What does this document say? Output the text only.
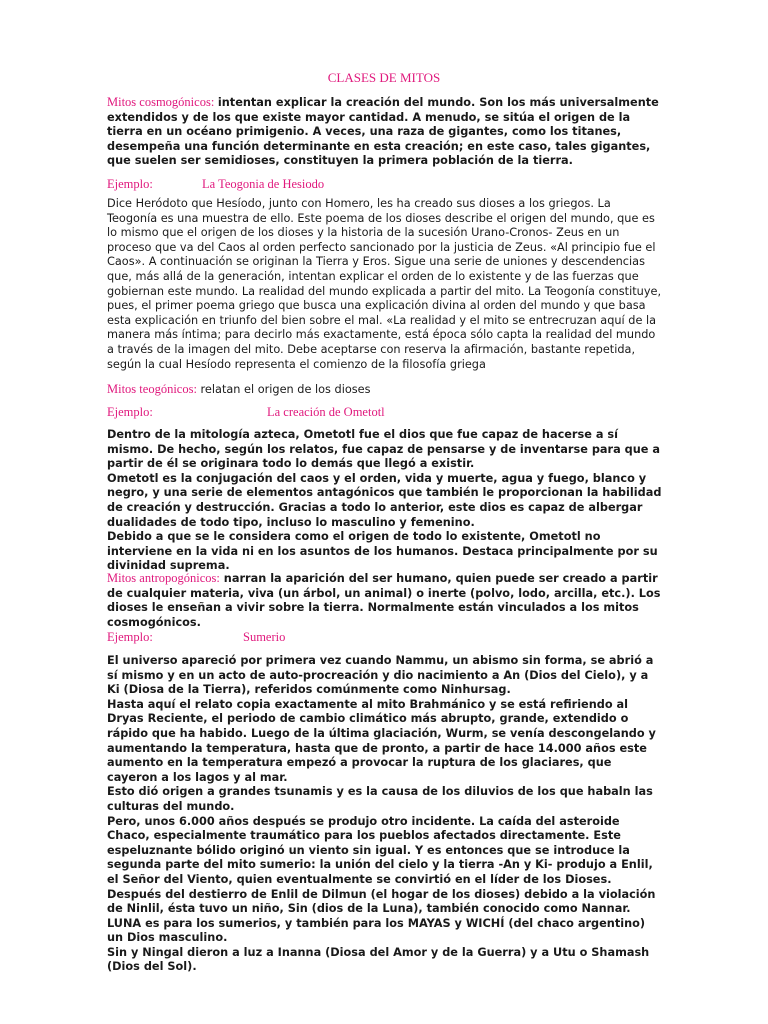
CLASES DE MITOS

Mitos cosmogónicos: intentan explicar la creación del mundo. Son los más universalmente extendidos y de los que existe mayor cantidad. A menudo, se sitúa el origen de la tierra en un océano primigenio. A veces, una raza de gigantes, como los titanes, desempeña una función determinante en esta creación; en este caso, tales gigantes, que suelen ser semidioses, constituyen la primera población de la tierra.

Ejemplo:	La Teogonia de Hesiodo

Dice Heródoto que Hesíodo, junto con Homero, les ha creado sus dioses a los griegos. La Teogonía es una muestra de ello. Este poema de los dioses describe el origen del mundo, que es lo mismo que el origen de los dioses y la historia de la sucesión Urano-Cronos- Zeus en un proceso que va del Caos al orden perfecto sancionado por la justicia de Zeus. «Al principio fue el Caos». A continuación se originan la Tierra y Eros. Sigue una serie de uniones y descendencias que, más allá de la generación, intentan explicar el orden de lo existente y de las fuerzas que gobiernan este mundo. La realidad del mundo explicada a partir del mito. La Teogonía constituye, pues, el primer poema griego que busca una explicación divina al orden del mundo y que basa esta explicación en triunfo del bien sobre el mal. «La realidad y el mito se entrecruzan aquí de la manera más íntima; para decirlo más exactamente, está época sólo capta la realidad del mundo a través de la imagen del mito. Debe aceptarse con reserva la afirmación, bastante repetida, según la cual Hesíodo representa el comienzo de la filosofía griega

Mitos teogónicos: relatan el origen de los dioses

Ejemplo:	La creación de Ometotl

Dentro de la mitología azteca, Ometotl fue el dios que fue capaz de hacerse a sí mismo. De hecho, según los relatos, fue capaz de pensarse y de inventarse para que a partir de él se originara todo lo demás que llegó a existir.

Ometotl es la conjugación del caos y el orden, vida y muerte, agua y fuego, blanco y negro, y una serie de elementos antagónicos que también le proporcionan la habilidad de creación y destrucción. Gracias a todo lo anterior, este dios es capaz de albergar dualidades de todo tipo, incluso lo masculino y femenino.

Debido a que se le considera como el origen de todo lo existente, Ometotl no interviene en la vida ni en los asuntos de los humanos. Destaca principalmente por su divinidad suprema.

Mitos antropogónicos: narran la aparición del ser humano, quien puede ser creado a partir de cualquier materia, viva (un árbol, un animal) o inerte (polvo, lodo, arcilla, etc.). Los dioses le enseñan a vivir sobre la tierra. Normalmente están vinculados a los mitos cosmogónicos.

Ejemplo:	Sumerio

El universo apareció por primera vez cuando Nammu, un abismo sin forma, se abrió a sí mismo y en un acto de auto-procreación y dio nacimiento a An (Dios del Cielo), y a Ki (Diosa de la Tierra), referidos comúnmente como Ninhursag.

Hasta aquí el relato copia exactamente al mito Brahmánico y se está refiriendo al Dryas Reciente, el periodo de cambio climático más abrupto, grande, extendido o rápido que ha habido. Luego de la última glaciación, Wurm, se venía descongelando y aumentando la temperatura, hasta que de pronto, a partir de hace 14.000 años este aumento en la temperatura empezó a provocar la ruptura de los glaciares, que cayeron a los lagos y al mar.

Esto dió origen a grandes tsunamis y es la causa de los diluvios de los que habaln las culturas del mundo.

Pero, unos 6.000 años después se produjo otro incidente. La caída del asteroide Chaco, especialmente traumático para los pueblos afectados directamente. Este espeluznante bólido originó un viento sin igual. Y es entonces que se introduce la segunda parte del mito sumerio: la unión del cielo y la tierra -An y Ki- produjo a Enlil, el Señor del Viento, quien eventualmente se convirtió en el líder de los Dioses.

Después del destierro de Enlil de Dilmun (el hogar de los dioses) debido a la violación de Ninlil, ésta tuvo un niño, Sin (dios de la Luna), también conocido como Nannar.

LUNA es para los sumerios, y también para los MAYAS y WICHÍ (del chaco argentino) un Dios masculino.

Sin y Ningal dieron a luz a Inanna (Diosa del Amor y de la Guerra) y a Utu o Shamash (Dios del Sol).
